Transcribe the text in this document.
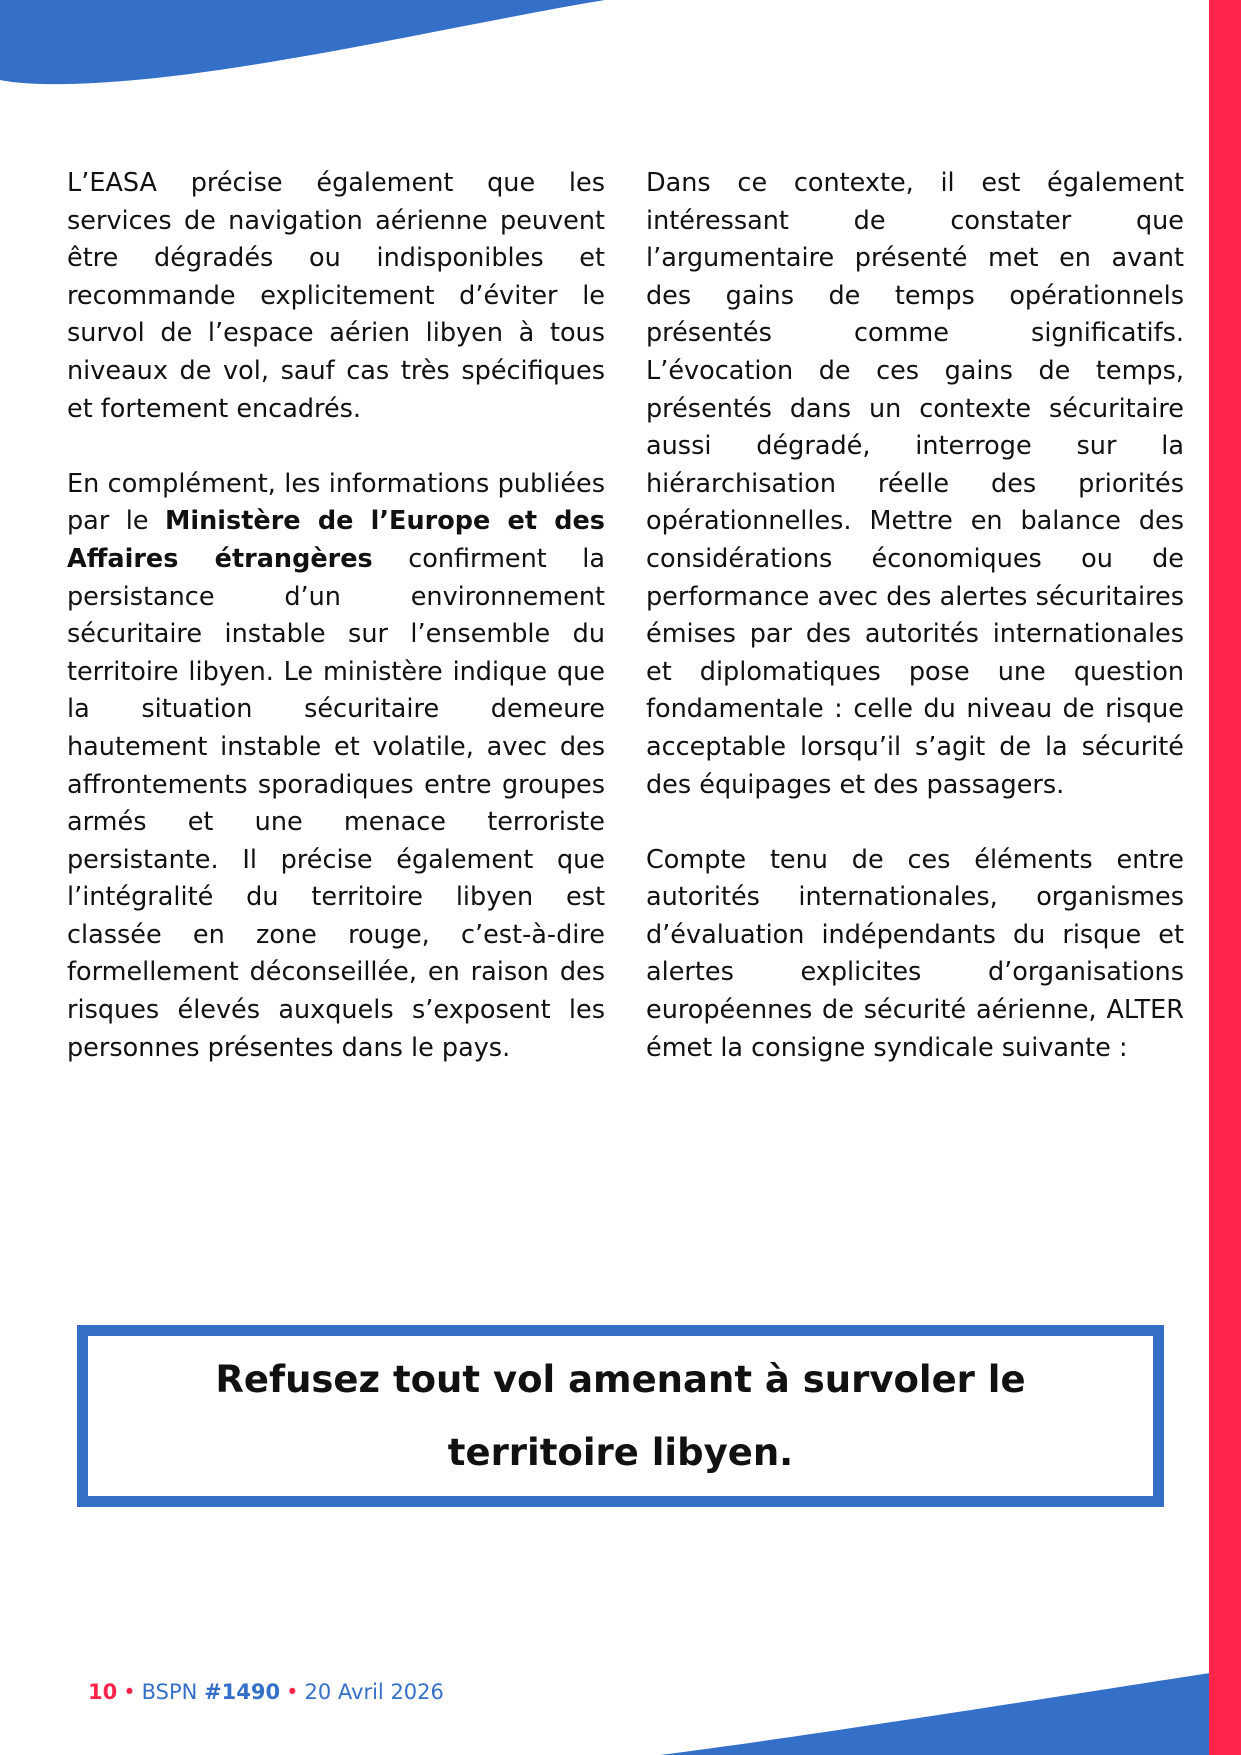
L’EASA précise également que les services de navigation aérienne peuvent être dégradés ou indisponibles et recommande explicitement d’éviter le survol de l’espace aérien libyen à tous niveaux de vol, sauf cas très spécifiques et fortement encadrés.

En complément, les informations publiées par le Ministère de l’Europe et des Affaires étrangères confirment la persistance d’un environnement sécuritaire instable sur l’ensemble du territoire libyen. Le ministère indique que la situation sécuritaire demeure hautement instable et volatile, avec des affrontements sporadiques entre groupes armés et une menace terroriste persistante. Il précise également que l’intégralité du territoire libyen est classée en zone rouge, c’est-à-dire formellement déconseillée, en raison des risques élevés auxquels s’exposent les personnes présentes dans le pays.

Dans ce contexte, il est également intéressant de constater que l’argumentaire présenté met en avant des gains de temps opérationnels présentés comme significatifs. L’évocation de ces gains de temps, présentés dans un contexte sécuritaire aussi dégradé, interroge sur la hiérarchisation réelle des priorités opérationnelles. Mettre en balance des considérations économiques ou de performance avec des alertes sécuritaires émises par des autorités internationales et diplomatiques pose une question fondamentale : celle du niveau de risque acceptable lorsqu’il s’agit de la sécurité des équipages et des passagers.

Compte tenu de ces éléments entre autorités internationales, organismes d’évaluation indépendants du risque et alertes explicites d’organisations européennes de sécurité aérienne, ALTER émet la consigne syndicale suivante :

Refusez tout vol amenant à survoler le territoire libyen.
10 • BSPN #1490 • 20 Avril 2026
